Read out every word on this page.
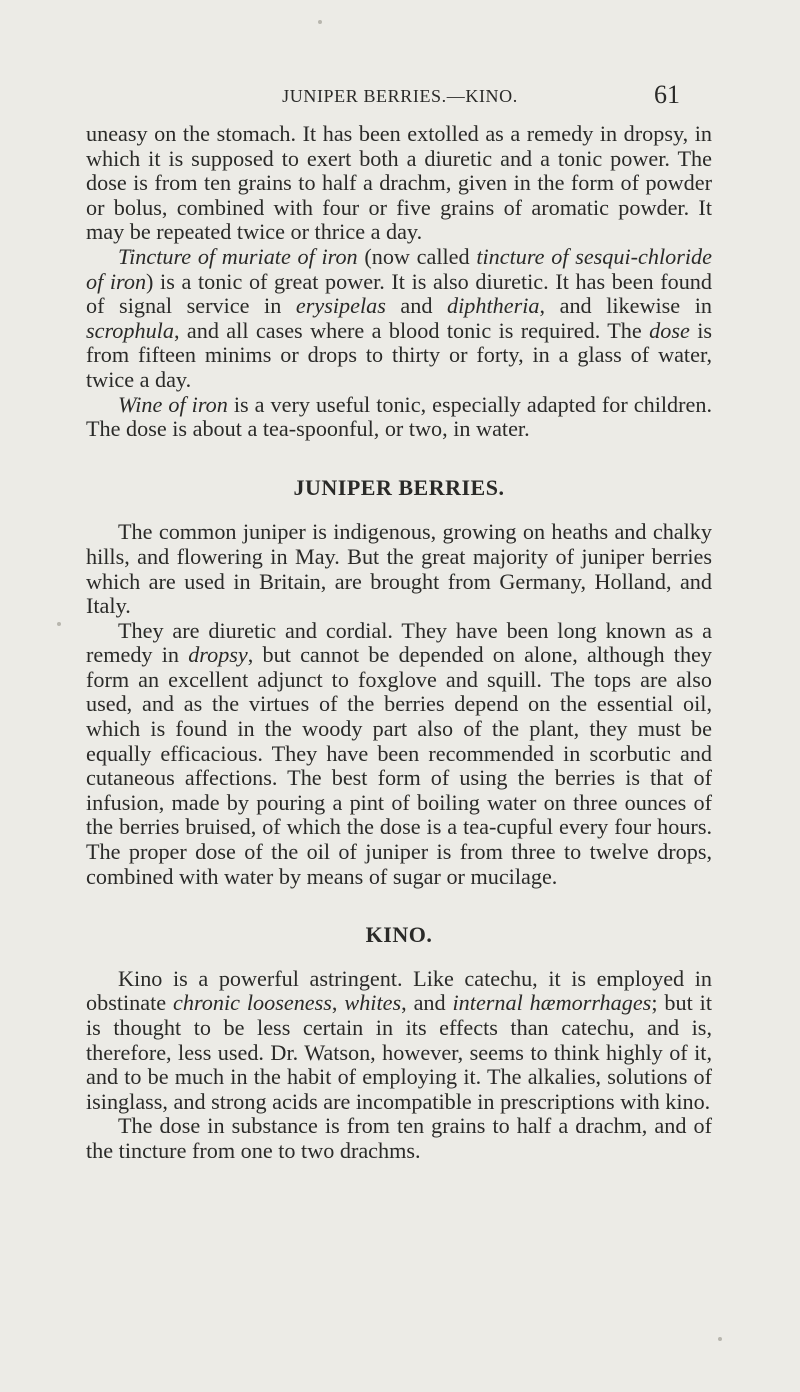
JUNIPER BERRIES.—KINO.	61

uneasy on the stomach. It has been extolled as a remedy in dropsy, in which it is supposed to exert both a diuretic and a tonic power. The dose is from ten grains to half a drachm, given in the form of powder or bolus, combined with four or five grains of aromatic powder. It may be repeated twice or thrice a day.

Tincture of muriate of iron (now called tincture of sesqui-chloride of iron) is a tonic of great power. It is also diuretic. It has been found of signal service in erysipelas and diphtheria, and likewise in scrophula, and all cases where a blood tonic is required. The dose is from fifteen minims or drops to thirty or forty, in a glass of water, twice a day.

Wine of iron is a very useful tonic, especially adapted for children. The dose is about a tea-spoonful, or two, in water.

JUNIPER BERRIES.

The common juniper is indigenous, growing on heaths and chalky hills, and flowering in May. But the great majority of juniper berries which are used in Britain, are brought from Germany, Holland, and Italy.

They are diuretic and cordial. They have been long known as a remedy in dropsy, but cannot be depended on alone, although they form an excellent adjunct to foxglove and squill. The tops are also used, and as the virtues of the berries depend on the essential oil, which is found in the woody part also of the plant, they must be equally efficacious. They have been recommended in scorbutic and cutaneous affections. The best form of using the berries is that of infusion, made by pouring a pint of boiling water on three ounces of the berries bruised, of which the dose is a tea-cupful every four hours. The proper dose of the oil of juniper is from three to twelve drops, combined with water by means of sugar or mucilage.

KINO.

Kino is a powerful astringent. Like catechu, it is employed in obstinate chronic looseness, whites, and internal hæmorrhages; but it is thought to be less certain in its effects than catechu, and is, therefore, less used. Dr. Watson, however, seems to think highly of it, and to be much in the habit of employing it. The alkalies, solutions of isinglass, and strong acids are incompatible in prescriptions with kino.

The dose in substance is from ten grains to half a drachm, and of the tincture from one to two drachms.
